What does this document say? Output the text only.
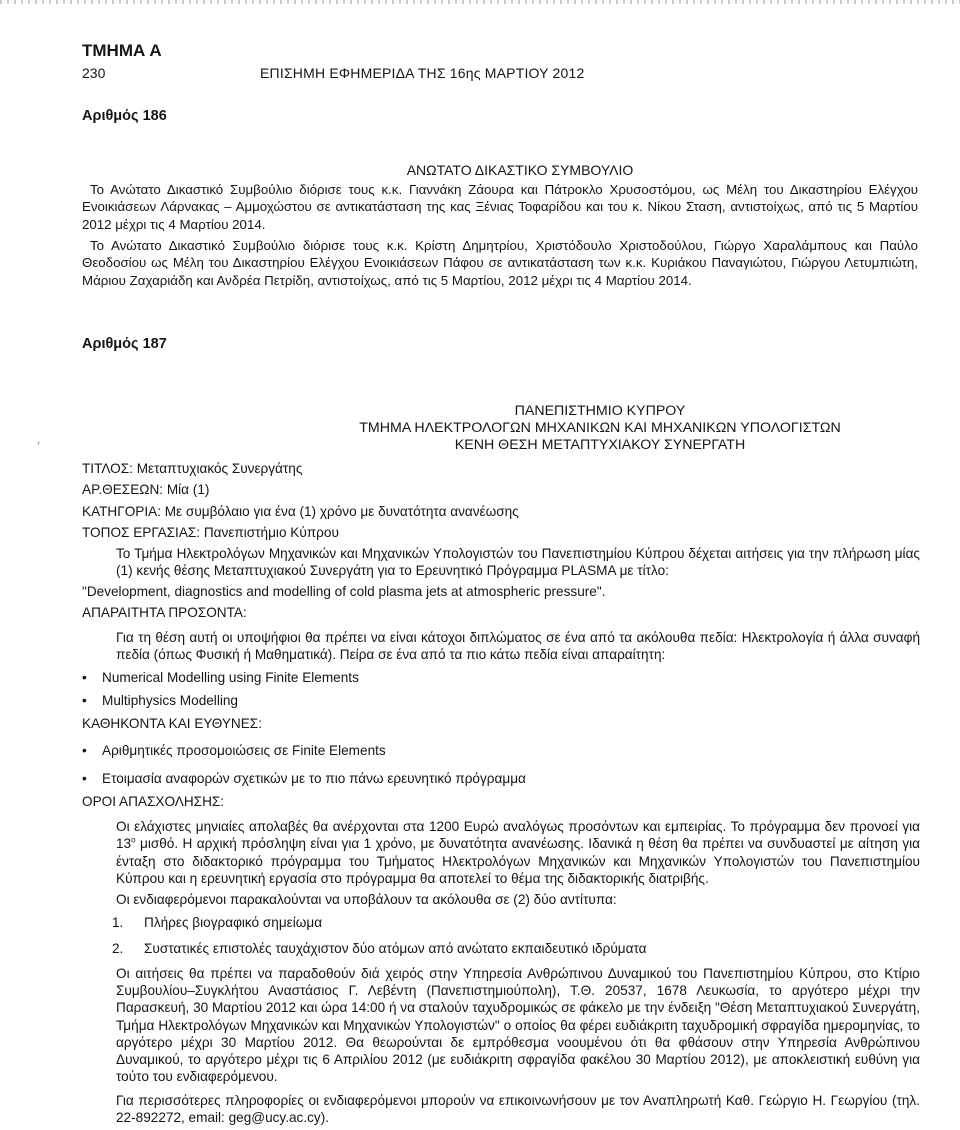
ΤΜΗΜΑ Α
230	ΕΠΙΣΗΜΗ ΕΦΗΜΕΡΙΔΑ ΤΗΣ 16ης ΜΑΡΤΙΟΥ 2012
Αριθμός 186
ΑΝΩΤΑΤΟ ΔΙΚΑΣΤΙΚΟ ΣΥΜΒΟΥΛΙΟ

Το Ανώτατο Δικαστικό Συμβούλιο διόρισε τους κ.κ. Γιαννάκη Ζάουρα και Πάτροκλο Χρυσοστόμου, ως Μέλη του Δικαστηρίου Ελέγχου Ενοικιάσεων Λάρνακας – Αμμοχώστου σε αντικατάσταση της κας Ξένιας Τοφαρίδου και του κ. Νίκου Σταση, αντιστοίχως, από τις 5 Μαρτίου 2012 μέχρι τις 4 Μαρτίου 2014.

Το Ανώτατο Δικαστικό Συμβούλιο διόρισε τους κ.κ. Κρίστη Δημητρίου, Χριστόδουλο Χριστοδούλου, Γιώργο Χαραλάμπους και Παύλο Θεοδοσίου ως Μέλη του Δικαστηρίου Ελέγχου Ενοικιάσεων Πάφου σε αντικατάσταση των κ.κ. Κυριάκου Παναγιώτου, Γιώργου Λετυμπιώτη, Μάριου Ζαχαριάδη και Ανδρέα Πετρίδη, αντιστοίχως, από τις 5 Μαρτίου, 2012 μέχρι τις 4 Μαρτίου 2014.

Αριθμός 187
ΠΑΝΕΠΙΣΤΗΜΙΟ ΚΥΠΡΟΥ
ΤΜΗΜΑ ΗΛΕΚΤΡΟΛΟΓΩΝ ΜΗΧΑΝΙΚΩΝ ΚΑΙ ΜΗΧΑΝΙΚΩΝ ΥΠΟΛΟΓΙΣΤΩΝ
ΚΕΝΗ ΘΕΣΗ ΜΕΤΑΠΤΥΧΙΑΚΟΥ ΣΥΝΕΡΓΑΤΗ

ΤΙΤΛΟΣ: Μεταπτυχιακός Συνεργάτης

ΑΡ.ΘΕΣΕΩΝ: Μία (1)

ΚΑΤΗΓΟΡΙΑ: Με συμβόλαιο για ένα (1) χρόνο με δυνατότητα ανανέωσης

ΤΟΠΟΣ ΕΡΓΑΣΙΑΣ: Πανεπιστήμιο Κύπρου

Το Τμήμα Ηλεκτρολόγων Μηχανικών και Μηχανικών Υπολογιστών του Πανεπιστημίου Κύπρου δέχεται αιτήσεις για την πλήρωση μίας (1) κενής θέσης Μεταπτυχιακού Συνεργάτη για το Ερευνητικό Πρόγραμμα PLASMA με τίτλο:

"Development, diagnostics and modelling of cold plasma jets at atmospheric pressure".

ΑΠΑΡΑΙΤΗΤΑ ΠΡΟΣΟΝΤΑ:

Για τη θέση αυτή οι υποψήφιοι θα πρέπει να είναι κάτοχοι διπλώματος σε ένα από τα ακόλουθα πεδία: Ηλεκτρολογία ή άλλα συναφή πεδία (όπως Φυσική ή Μαθηματικά). Πείρα σε ένα από τα πιο κάτω πεδία είναι απαραίτητη:

•	Numerical Modelling using Finite Elements
•	Multiphysics Modelling

ΚΑΘΗΚΟΝΤΑ ΚΑΙ ΕΥΘΥΝΕΣ:

•	Αριθμητικές προσομοιώσεις σε Finite Elements
•	Ετοιμασία αναφορών σχετικών με το πιο πάνω ερευνητικό πρόγραμμα

ΟΡΟΙ ΑΠΑΣΧΟΛΗΣΗΣ:

Οι ελάχιστες μηνιαίες απολαβές θα ανέρχονται στα 1200 Ευρώ αναλόγως προσόντων και εμπειρίας. Το πρόγραμμα δεν προνοεί για $13^o$ μισθό. Η αρχική πρόσληψη είναι για 1 χρόνο, με δυνατότητα ανανέωσης. Ιδανικά η θέση θα πρέπει να συνδυαστεί με αίτηση για ένταξη στο διδακτορικό πρόγραμμα του Τμήματος Ηλεκτρολόγων Μηχανικών και Μηχανικών Υπολογιστών του Πανεπιστημίου Κύπρου και η ερευνητική εργασία στο πρόγραμμα θα αποτελεί το θέμα της διδακτορικής διατριβής.

Οι ενδιαφερόμενοι παρακαλούνται να υποβάλουν τα ακόλουθα σε (2) δύο αντίτυπα:

1.	Πλήρες βιογραφικό σημείωμα
2.	Συστατικές επιστολές ταυχάχιστον δύο ατόμων από ανώτατο εκπαιδευτικό ιδρύματα

Οι αιτήσεις θα πρέπει να παραδοθούν διά χειρός στην Υπηρεσία Ανθρώπινου Δυναμικού του Πανεπιστημίου Κύπρου, στο Κτίριο Συμβουλίου–Συγκλήτου Αναστάσιος Γ. Λεβέντη (Πανεπιστημιούπολη), Τ.Θ. 20537, 1678 Λευκωσία, το αργότερο μέχρι την Παρασκευή, 30 Μαρτίου 2012 και ώρα 14:00 ή να σταλούν ταχυδρομικώς σε φάκελο με την ένδειξη "Θέση Μεταπτυχιακού Συνεργάτη, Τμήμα Ηλεκτρολόγων Μηχανικών και Μηχανικών Υπολογιστών" ο οποίος θα φέρει ευδιάκριτη ταχυδρομική σφραγίδα ημερομηνίας, το αργότερο μέχρι 30 Μαρτίου 2012. Θα θεωρούνται δε εμπρόθεσμα νοουμένου ότι θα φθάσουν στην Υπηρεσία Ανθρώπινου Δυναμικού, το αργότερο μέχρι τις 6 Απριλίου 2012 (με ευδιάκριτη σφραγίδα φακέλου 30 Μαρτίου 2012), με αποκλειστική ευθύνη για τούτο του ενδιαφερόμενου.

Για περισσότερες πληροφορίες οι ενδιαφερόμενοι μπορούν να επικοινωνήσουν με τον Αναπληρωτή Καθ. Γεώργιο Η. Γεωργίου (τηλ. 22-892272, email: geg@ucy.ac.cy).
